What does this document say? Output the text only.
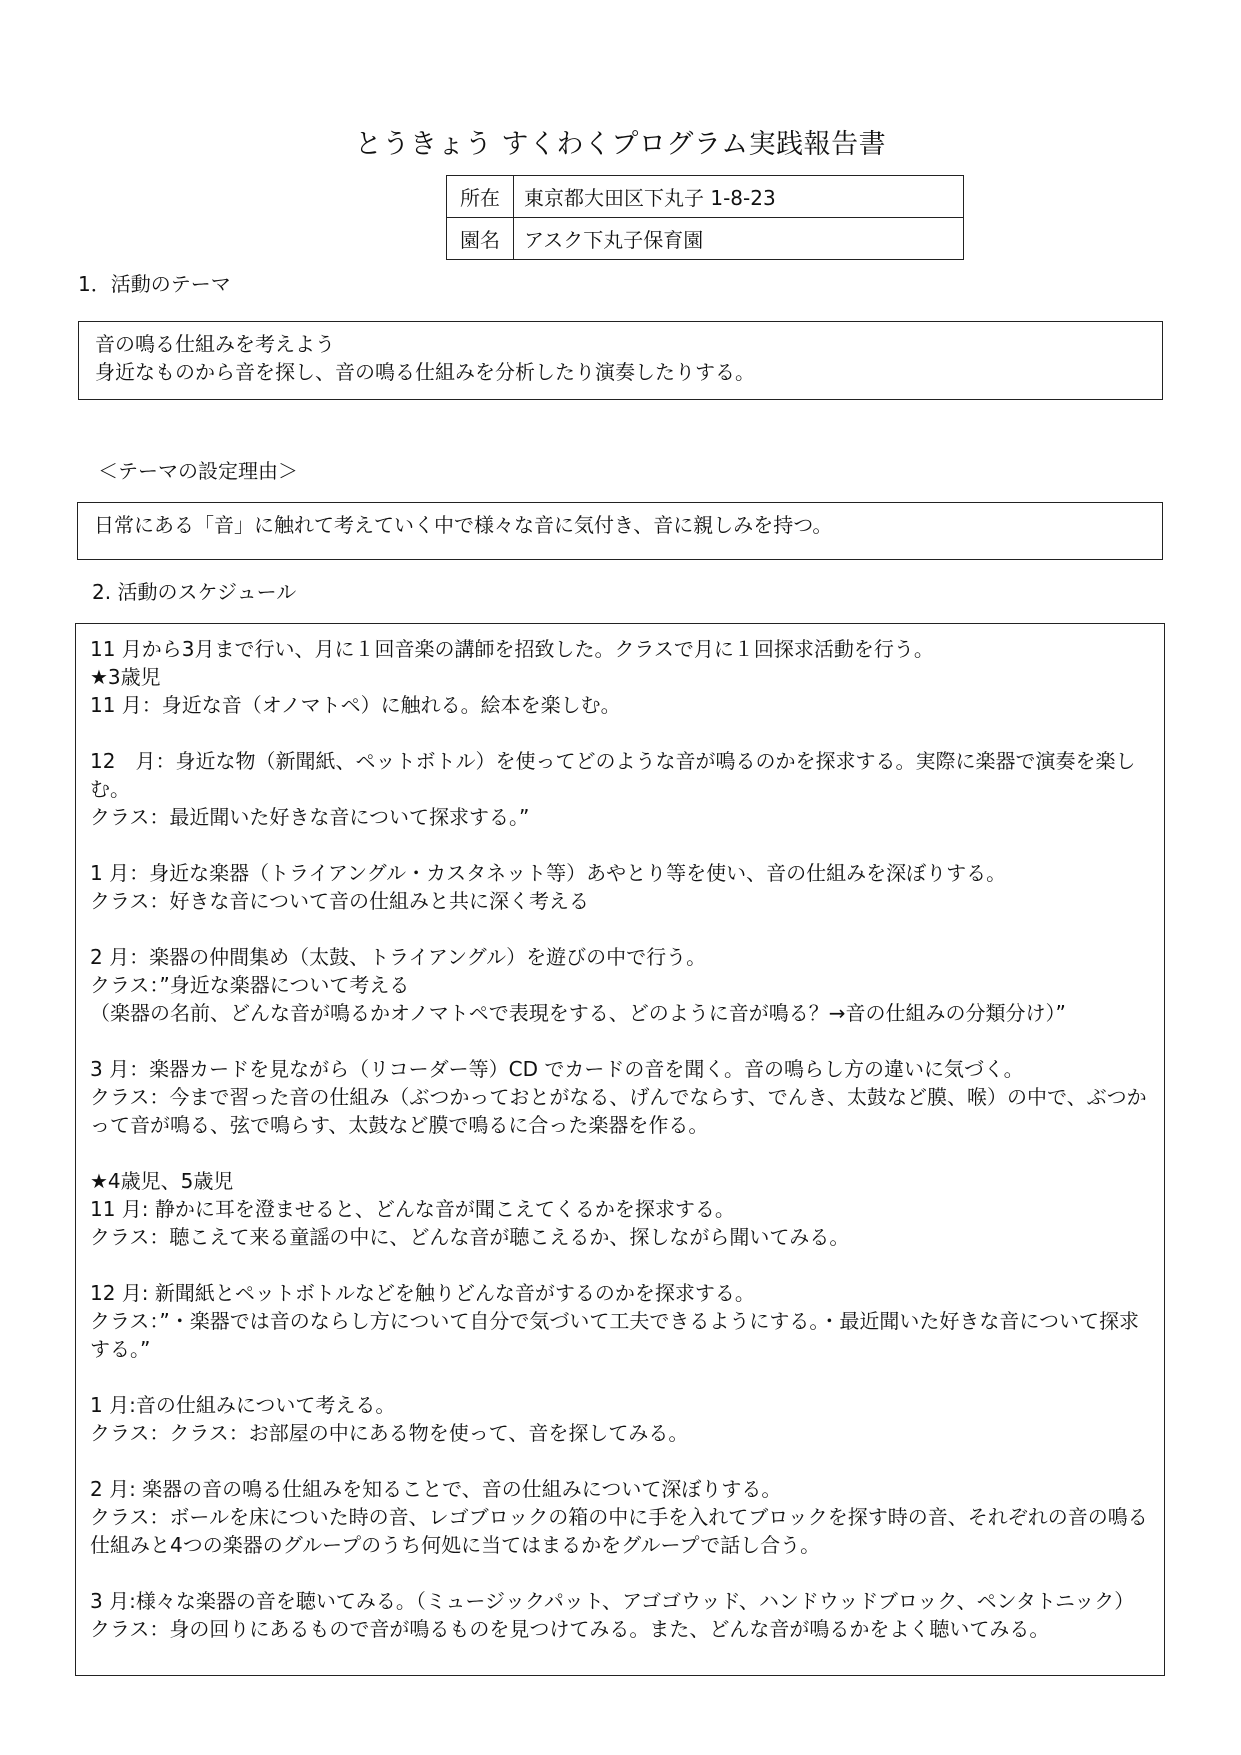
とうきょう すくわくプログラム実践報告書
所在	東京都大田区下丸子 1-8-23
園名	アスク下丸子保育園
1．活動のテーマ
音の鳴る仕組みを考えよう
身近なものから音を探し、音の鳴る仕組みを分析したり演奏したりする。
＜テーマの設定理由＞
日常にある「音」に触れて考えていく中で様々な音に気付き、音に親しみを持つ。
2. 活動のスケジュール
11 月から3月まで行い、月に１回音楽の講師を招致した。クラスで月に１回探求活動を行う。
★3歳児
11 月：身近な音（オノマトペ）に触れる。絵本を楽しむ。
12　月：身近な物（新聞紙、ペットボトル）を使ってどのような音が鳴るのかを探求する。実際に楽器で演奏を楽しむ。
クラス：最近聞いた好きな音について探求する。”
1 月：身近な楽器（トライアングル・カスタネット等）あやとり等を使い、音の仕組みを深ぼりする。
クラス：好きな音について音の仕組みと共に深く考える
2 月：楽器の仲間集め（太鼓、トライアングル）を遊びの中で行う。
クラス：”身近な楽器について考える
（楽器の名前、どんな音が鳴るかオノマトペで表現をする、どのように音が鳴る？→音の仕組みの分類分け）”
3 月：楽器カードを見ながら（リコーダー等）CD でカードの音を聞く。音の鳴らし方の違いに気づく。
クラス：今まで習った音の仕組み（ぶつかっておとがなる、げんでならす、でんき、太鼓など膜、喉）の中で、ぶつかって音が鳴る、弦で鳴らす、太鼓など膜で鳴るに合った楽器を作る。
★4歳児、5歳児
11 月: 静かに耳を澄ませると、どんな音が聞こえてくるかを探求する。
クラス：聴こえて来る童謡の中に、どんな音が聴こえるか、探しながら聞いてみる。
12 月: 新聞紙とペットボトルなどを触りどんな音がするのかを探求する。
クラス：”・楽器では音のならし方について自分で気づいて工夫できるようにする。・最近聞いた好きな音について探求する。”
1 月:音の仕組みについて考える。
クラス：クラス：お部屋の中にある物を使って、音を探してみる。
2 月: 楽器の音の鳴る仕組みを知ることで、音の仕組みについて深ぼりする。
クラス：ボールを床についた時の音、レゴブロックの箱の中に手を入れてブロックを探す時の音、それぞれの音の鳴る仕組みと4つの楽器のグループのうち何処に当てはまるかをグループで話し合う。
3 月:様々な楽器の音を聴いてみる。（ミュージックパット、アゴゴウッド、ハンドウッドブロック、ペンタトニック）
クラス：身の回りにあるもので音が鳴るものを見つけてみる。また、どんな音が鳴るかをよく聴いてみる。
